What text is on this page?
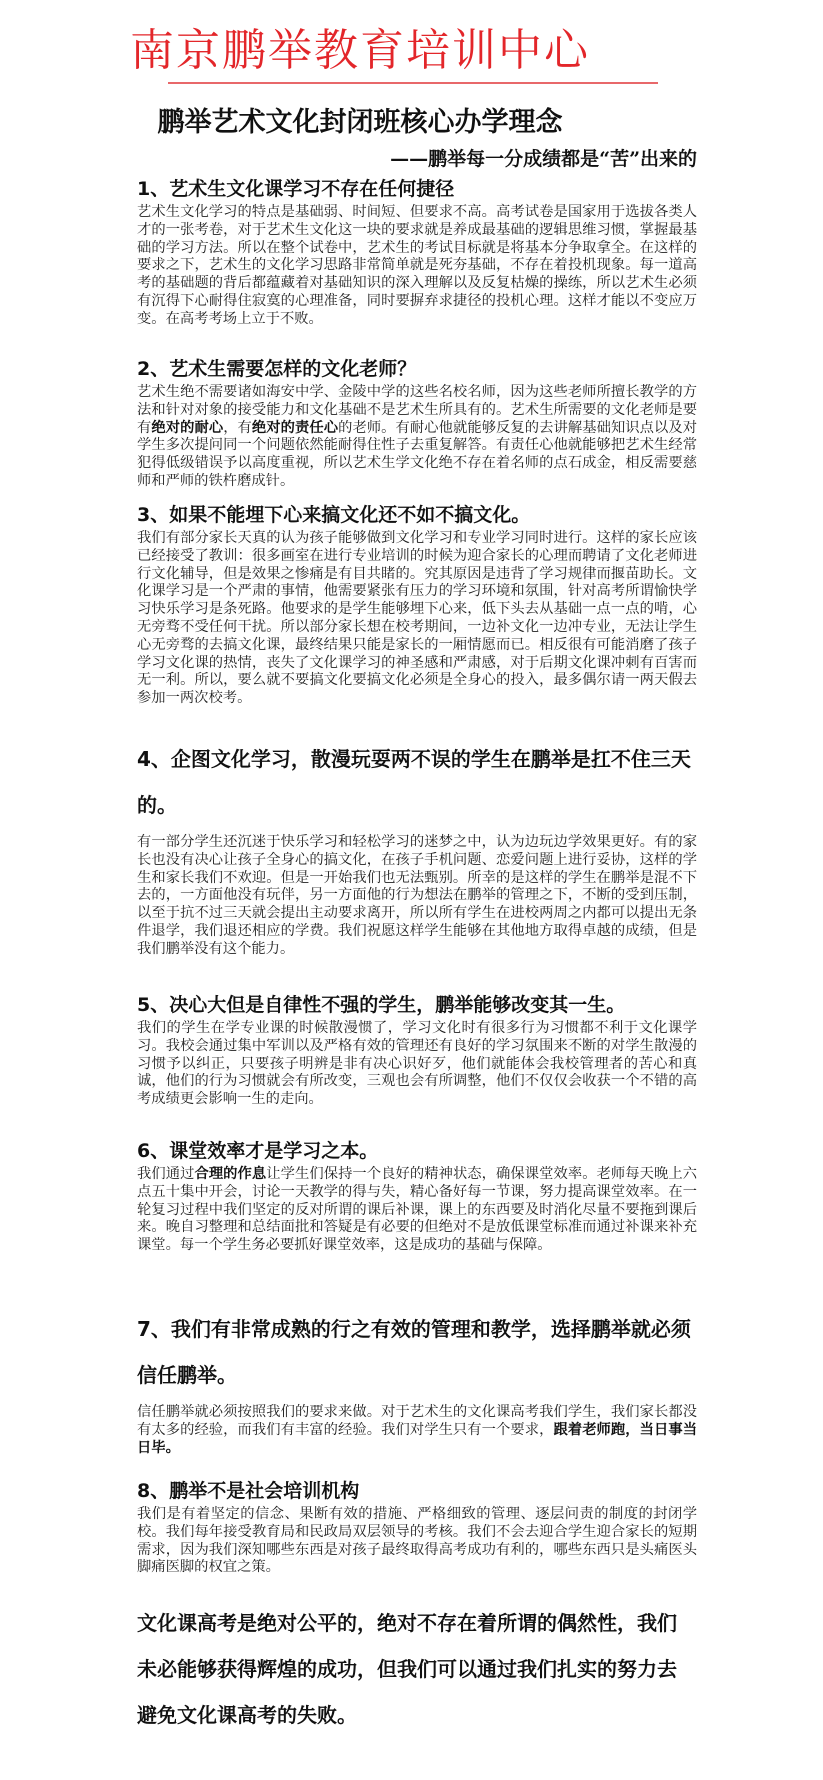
南京鹏举教育培训中心
鹏举艺术文化封闭班核心办学理念
——鹏举每一分成绩都是“苦”出来的
1、艺术生文化课学习不存在任何捷径
艺术生文化学习的特点是基础弱、时间短、但要求不高。高考试卷是国家用于选拔各类人才的一张考卷，对于艺术生文化这一块的要求就是养成最基础的逻辑思维习惯，掌握最基础的学习方法。所以在整个试卷中，艺术生的考试目标就是将基本分争取拿全。在这样的要求之下，艺术生的文化学习思路非常简单就是死夯基础，不存在着投机现象。每一道高考的基础题的背后都蕴藏着对基础知识的深入理解以及反复枯燥的操练，所以艺术生必须有沉得下心耐得住寂寞的心理准备，同时要摒弃求捷径的投机心理。这样才能以不变应万变。在高考考场上立于不败。
2、艺术生需要怎样的文化老师？
艺术生绝不需要诸如海安中学、金陵中学的这些名校名师，因为这些老师所擅长教学的方法和针对对象的接受能力和文化基础不是艺术生所具有的。艺术生所需要的文化老师是要有绝对的耐心，有绝对的责任心的老师。有耐心他就能够反复的去讲解基础知识点以及对学生多次提问同一个问题依然能耐得住性子去重复解答。有责任心他就能够把艺术生经常犯得低级错误予以高度重视，所以艺术生学文化绝不存在着名师的点石成金，相反需要慈师和严师的铁杵磨成针。
3、如果不能埋下心来搞文化还不如不搞文化。
我们有部分家长天真的认为孩子能够做到文化学习和专业学习同时进行。这样的家长应该已经接受了教训：很多画室在进行专业培训的时候为迎合家长的心理而聘请了文化老师进行文化辅导，但是效果之惨痛是有目共睹的。究其原因是违背了学习规律而揠苗助长。文化课学习是一个严肃的事情，他需要紧张有压力的学习环境和氛围，针对高考所谓愉快学习快乐学习是条死路。他要求的是学生能够埋下心来，低下头去从基础一点一点的啃，心无旁骛不受任何干扰。所以部分家长想在校考期间，一边补文化一边冲专业，无法让学生心无旁骛的去搞文化课，最终结果只能是家长的一厢情愿而已。相反很有可能消磨了孩子学习文化课的热情，丧失了文化课学习的神圣感和严肃感，对于后期文化课冲刺有百害而无一利。所以，要么就不要搞文化要搞文化必须是全身心的投入，最多偶尔请一两天假去参加一两次校考。
4、企图文化学习，散漫玩耍两不误的学生在鹏举是扛不住三天的。
有一部分学生还沉迷于快乐学习和轻松学习的迷梦之中，认为边玩边学效果更好。有的家长也没有决心让孩子全身心的搞文化，在孩子手机问题、恋爱问题上进行妥协，这样的学生和家长我们不欢迎。但是一开始我们也无法甄别。所幸的是这样的学生在鹏举是混不下去的，一方面他没有玩伴，另一方面他的行为想法在鹏举的管理之下，不断的受到压制，以至于抗不过三天就会提出主动要求离开，所以所有学生在进校两周之内都可以提出无条件退学，我们退还相应的学费。我们祝愿这样学生能够在其他地方取得卓越的成绩，但是我们鹏举没有这个能力。
5、决心大但是自律性不强的学生，鹏举能够改变其一生。
我们的学生在学专业课的时候散漫惯了，学习文化时有很多行为习惯都不利于文化课学习。我校会通过集中军训以及严格有效的管理还有良好的学习氛围来不断的对学生散漫的习惯予以纠正，只要孩子明辨是非有决心识好歹，他们就能体会我校管理者的苦心和真诚，他们的行为习惯就会有所改变，三观也会有所调整，他们不仅仅会收获一个不错的高考成绩更会影响一生的走向。
6、课堂效率才是学习之本。
我们通过合理的作息让学生们保持一个良好的精神状态，确保课堂效率。老师每天晚上六点五十集中开会，讨论一天教学的得与失，精心备好每一节课，努力提高课堂效率。在一轮复习过程中我们坚定的反对所谓的课后补课，课上的东西要及时消化尽量不要拖到课后来。晚自习整理和总结面批和答疑是有必要的但绝对不是放低课堂标准而通过补课来补充课堂。每一个学生务必要抓好课堂效率，这是成功的基础与保障。
7、我们有非常成熟的行之有效的管理和教学，选择鹏举就必须信任鹏举。
信任鹏举就必须按照我们的要求来做。对于艺术生的文化课高考我们学生，我们家长都没有太多的经验，而我们有丰富的经验。我们对学生只有一个要求，跟着老师跑，当日事当日毕。
8、鹏举不是社会培训机构
我们是有着坚定的信念、果断有效的措施、严格细致的管理、逐层问责的制度的封闭学校。我们每年接受教育局和民政局双层领导的考核。我们不会去迎合学生迎合家长的短期需求，因为我们深知哪些东西是对孩子最终取得高考成功有利的，哪些东西只是头痛医头脚痛医脚的权宜之策。
文化课高考是绝对公平的，绝对不存在着所谓的偶然性，我们未必能够获得辉煌的成功，但我们可以通过我们扎实的努力去避免文化课高考的失败。
